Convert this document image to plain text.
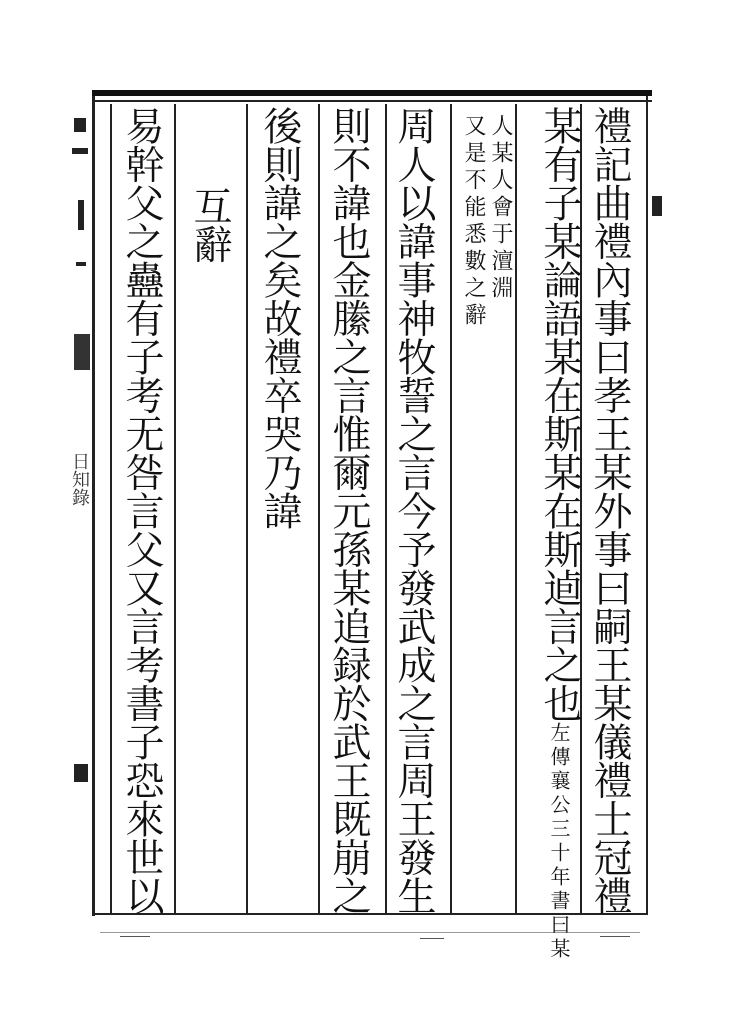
日知錄	禮記曲禮內事曰孝王某外事曰嗣王某儀禮士冠禮
某有子某論語某在斯某在斯逌言之也左傳襄公三十年書曰某
人某人會于澶淵
又是不能悉數之辭
周人以諱事神牧誓之言今予發武成之言周王發生
則不諱也金縢之言惟爾元孫某追録於武王既崩之
後則諱之矣故禮卒哭乃諱
互辭
易幹父之蠱有子考无咎言父又言考書子恐來世以
